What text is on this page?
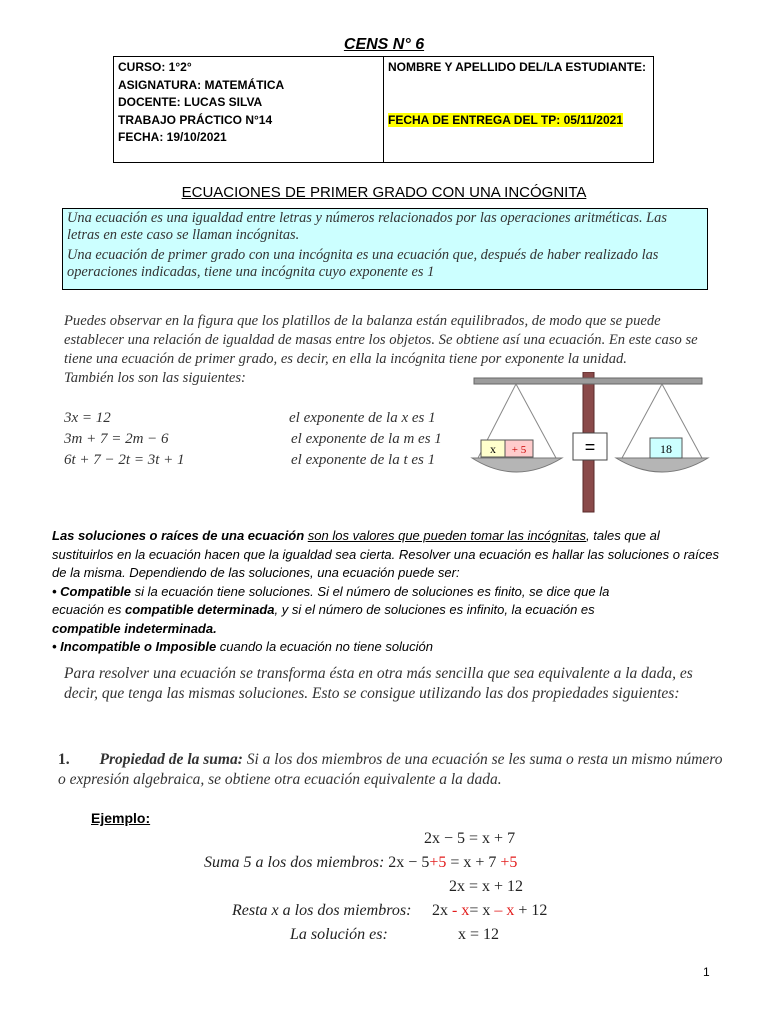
CENS N° 6
CURSO: 1°2°
ASIGNATURA: MATEMÁTICA
DOCENTE: LUCAS SILVA
TRABAJO PRÁCTICO N°14
FECHA: 19/10/2021
NOMBRE Y APELLIDO DEL/LA ESTUDIANTE:
FECHA DE ENTREGA DEL TP: 05/11/2021
ECUACIONES DE PRIMER GRADO CON UNA INCÓGNITA

Una ecuación es una igualdad entre letras y números relacionados por las operaciones aritméticas. Las letras en este caso se llaman incógnitas.

Una ecuación de primer grado con una incógnita es una ecuación que, después de haber realizado las operaciones indicadas, tiene una incógnita cuyo exponente es 1

Puedes observar en la figura que los platillos de la balanza están equilibrados, de modo que se puede establecer una relación de igualdad de masas entre los objetos. Se obtiene así una ecuación. En este caso se tiene una ecuación de primer grado, es decir, en ella la incógnita tiene por exponente la unidad.
También los son las siguientes:
3x = 12	el exponente de la x es 1
3m + 7 = 2m − 6	el exponente de la m es 1
6t + 7 − 2t = 3t + 1	el exponente de la t es 1
x + 5	=	18
Las soluciones o raíces de una ecuación son los valores que pueden tomar las incógnitas, tales que al sustituirlos en la ecuación hacen que la igualdad sea cierta. Resolver una ecuación es hallar las soluciones o raíces de la misma. Dependiendo de las soluciones, una ecuación puede ser:
• Compatible si la ecuación tiene soluciones. Si el número de soluciones es finito, se dice que la ecuación es compatible determinada, y si el número de soluciones es infinito, la ecuación es compatible indeterminada.
• Incompatible o Imposible cuando la ecuación no tiene solución
Para resolver una ecuación se transforma ésta en otra más sencilla que sea equivalente a la dada, es decir, que tenga las mismas soluciones. Esto se consigue utilizando las dos propiedades siguientes:
1. Propiedad de la suma: Si a los dos miembros de una ecuación se les suma o resta un mismo número o expresión algebraica, se obtiene otra ecuación equivalente a la dada.
Ejemplo:
2x − 5 = x + 7
Suma 5 a los dos miembros: 2x − 5+5 = x + 7 +5
2x = x + 12
Resta x a los dos miembros: 2x - x= x – x + 12
La solución es:	x = 12
1
